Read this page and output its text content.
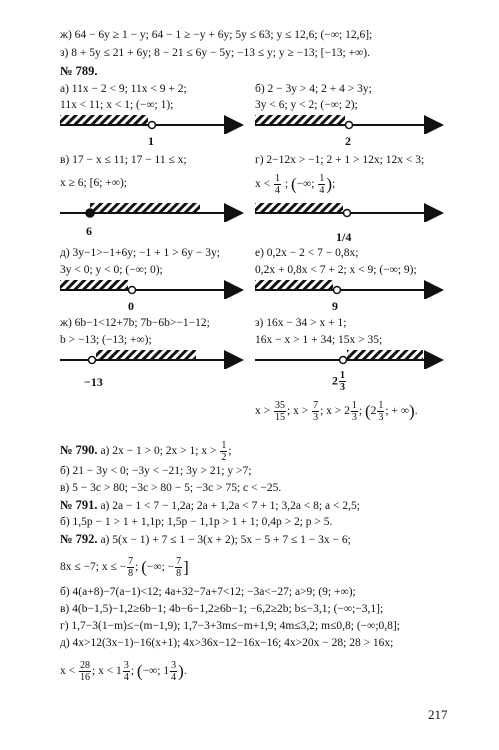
ж) 64 − 6y ≥ 1 − y; 64 − 1 ≥ −y + 6y; 5y ≤ 63; y ≤ 12,6; (−∞; 12,6];
з) 8 + 5y ≤ 21 + 6y; 8 − 21 ≤ 6y − 5y; −13 ≤ y; y ≥ −13; [−13; +∞).
№ 789.
а) 11x − 2 < 9; 11x < 9 + 2;
11x < 11; x < 1; (−∞; 1);
б) 2 − 3y > 4; 2 + 4 > 3y;
3y < 6; y < 2; (−∞; 2);
1	2
в) 17 − x ≤ 11; 17 − 11 ≤ x;
x ≥ 6; [6; +∞);
г) 2−12x > −1; 2 + 1 > 12x; 12x < 3;
$x < \frac{1}{4}$ ; (−∞; $\frac{1}{4}$ );
6	1/4
д) 3y−1>−1+6y; −1 + 1 > 6y − 3y;
3y < 0; y < 0; (−∞; 0);
е) 0,2x − 2 < 7 − 0,8x;
0,2x + 0,8x < 7 + 2; x < 9; (−∞; 9);
0	9
ж) 6b−1<12+7b; 7b−6b>−1−12;
b > −13; (−13; +∞);
з) 16x − 34 > x + 1;
16x − x > 1 + 34; 15x > 35;
−13	$2 \frac{1}{3}$
$x > \frac{35}{15}$ ; $x > \frac{7}{3}$ ; $x > 2 \frac{1}{3}$ ; ($2 \frac{1}{3}$ ; + ∞).
№ 790. а) 2x − 1 > 0; 2x > 1; $x > \frac{1}{2}$ ;
б) 21 − 3y < 0; −3y < −21; 3y > 21; y >7;
в) 5 − 3c > 80; −3c > 80 − 5; −3c > 75; c < −25.
№ 791. а) 2a − 1 < 7 − 1,2a; 2a + 1,2a < 7 + 1; 3,2a < 8; a < 2,5;
б) 1,5p − 1 > 1 + 1,1p; 1,5p − 1,1p > 1 + 1; 0,4p > 2; p > 5.
№ 792. а) 5(x − 1) + 7 ≤ 1 − 3(x + 2); 5x − 5 + 7 ≤ 1 − 3x − 6;
8x ≤ −7; x ≤ − $\frac{7}{8}$ ; (−∞; − $\frac{7}{8}$ ]
б) 4(a+8)−7(a−1)<12; 4a+32−7a+7<12; −3a<−27; a>9; (9; +∞);
в) 4(b−1,5)−1,2≥6b−1; 4b−6−1,2≥6b−1; −6,2≥2b; b≤−3,1; (−∞;−3,1];
г) 1,7−3(1−m)≤−(m−1,9); 1,7−3+3m≤−m+1,9; 4m≤3,2; m≤0,8; (−∞;0,8];
д) 4x>12(3x−1)−16(x+1); 4x>36x−12−16x−16; 4x>20x − 28; 28 > 16x;
$x < \frac{28}{16}$ ; $x < 1 \frac{3}{4}$ ; (−∞; $1 \frac{3}{4}$ ).
217
